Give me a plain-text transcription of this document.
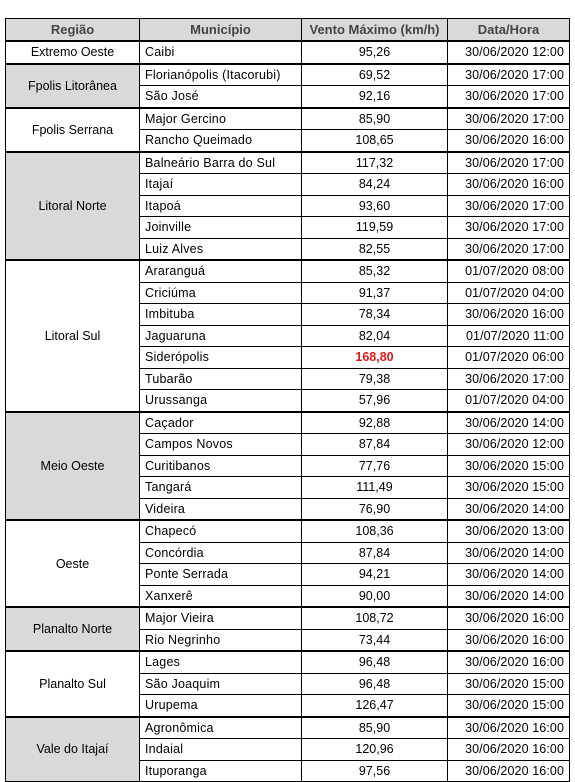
Região	Município	Vento Máximo (km/h)	Data/Hora
Extremo Oeste	Caibi	95,26	30/06/2020 12:00
Fpolis Litorânea	Florianópolis (Itacorubi)	69,52	30/06/2020 17:00
	São José	92,16	30/06/2020 17:00
Fpolis Serrana	Major Gercino	85,90	30/06/2020 17:00
	Rancho Queimado	108,65	30/06/2020 16:00
Litoral Norte	Balneário Barra do Sul	117,32	30/06/2020 17:00
	Itajaí	84,24	30/06/2020 16:00
	Itapoá	93,60	30/06/2020 17:00
	Joinville	119,59	30/06/2020 17:00
	Luiz Alves	82,55	30/06/2020 17:00
Litoral Sul	Araranguá	85,32	01/07/2020 08:00
	Criciúma	91,37	01/07/2020 04:00
	Imbituba	78,34	30/06/2020 16:00
	Jaguaruna	82,04	01/07/2020 11:00
	Siderópolis	168,80	01/07/2020 06:00
	Tubarão	79,38	30/06/2020 17:00
	Urussanga	57,96	01/07/2020 04:00
Meio Oeste	Caçador	92,88	30/06/2020 14:00
	Campos Novos	87,84	30/06/2020 12:00
	Curitibanos	77,76	30/06/2020 15:00
	Tangará	111,49	30/06/2020 15:00
	Videira	76,90	30/06/2020 14:00
Oeste	Chapecó	108,36	30/06/2020 13:00
	Concórdia	87,84	30/06/2020 14:00
	Ponte Serrada	94,21	30/06/2020 14:00
	Xanxerê	90,00	30/06/2020 14:00
Planalto Norte	Major Vieira	108,72	30/06/2020 16:00
	Rio Negrinho	73,44	30/06/2020 16:00
Planalto Sul	Lages	96,48	30/06/2020 16:00
	São Joaquim	96,48	30/06/2020 15:00
	Urupema	126,47	30/06/2020 15:00
Vale do Itajaí	Agronômica	85,90	30/06/2020 16:00
	Indaial	120,96	30/06/2020 16:00
	Ituporanga	97,56	30/06/2020 16:00
